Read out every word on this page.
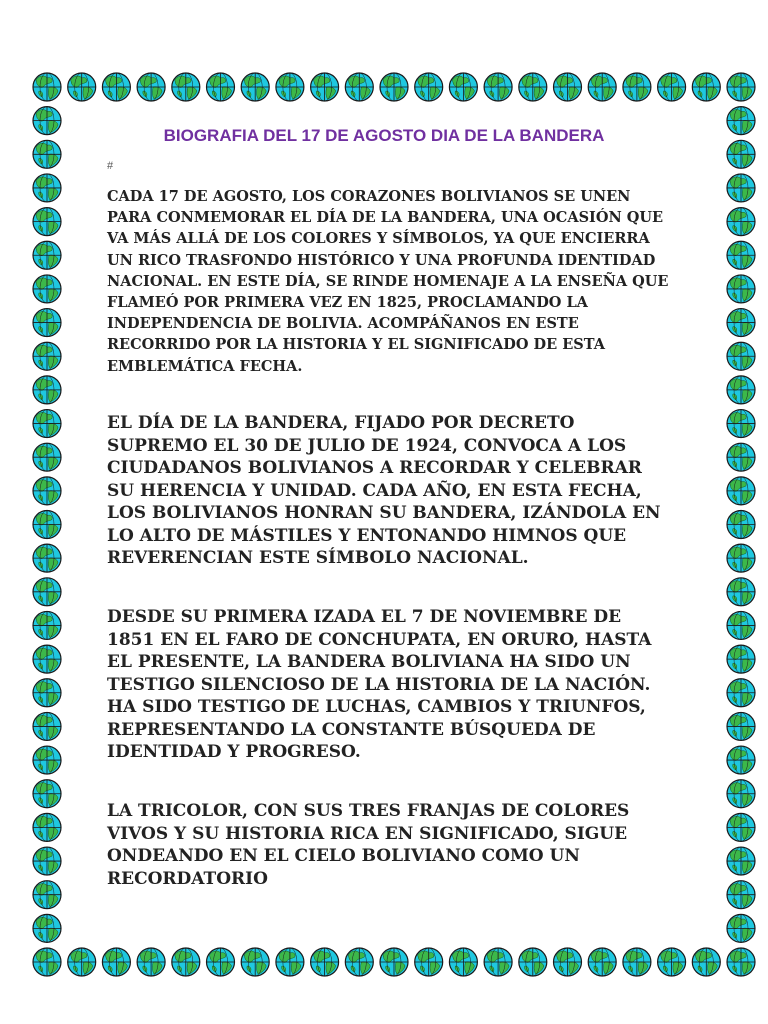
BIOGRAFIA DEL 17 DE AGOSTO DIA DE LA BANDERA
#

CADA 17 DE AGOSTO, LOS CORAZONES BOLIVIANOS SE UNEN PARA CONMEMORAR EL DÍA DE LA BANDERA, UNA OCASIÓN QUE VA MÁS ALLÁ DE LOS COLORES Y SÍMBOLOS, YA QUE ENCIERRA UN RICO TRASFONDO HISTÓRICO Y UNA PROFUNDA IDENTIDAD NACIONAL. EN ESTE DÍA, SE RINDE HOMENAJE A LA ENSEÑA QUE FLAMEÓ POR PRIMERA VEZ EN 1825, PROCLAMANDO LA INDEPENDENCIA DE BOLIVIA. ACOMPÁÑANOS EN ESTE RECORRIDO POR LA HISTORIA Y EL SIGNIFICADO DE ESTA EMBLEMÁTICA FECHA.

EL DÍA DE LA BANDERA, FIJADO POR DECRETO SUPREMO EL 30 DE JULIO DE 1924, CONVOCA A LOS CIUDADANOS BOLIVIANOS A RECORDAR Y CELEBRAR SU HERENCIA Y UNIDAD. CADA AÑO, EN ESTA FECHA, LOS BOLIVIANOS HONRAN SU BANDERA, IZÁNDOLA EN LO ALTO DE MÁSTILES Y ENTONANDO HIMNOS QUE REVERENCIAN ESTE SÍMBOLO NACIONAL.

DESDE SU PRIMERA IZADA EL 7 DE NOVIEMBRE DE 1851 EN EL FARO DE CONCHUPATA, EN ORURO, HASTA EL PRESENTE, LA BANDERA BOLIVIANA HA SIDO UN TESTIGO SILENCIOSO DE LA HISTORIA DE LA NACIÓN. HA SIDO TESTIGO DE LUCHAS, CAMBIOS Y TRIUNFOS, REPRESENTANDO LA CONSTANTE BÚSQUEDA DE IDENTIDAD Y PROGRESO.

LA TRICOLOR, CON SUS TRES FRANJAS DE COLORES VIVOS Y SU HISTORIA RICA EN SIGNIFICADO, SIGUE ONDEANDO EN EL CIELO BOLIVIANO COMO UN RECORDATORIO
